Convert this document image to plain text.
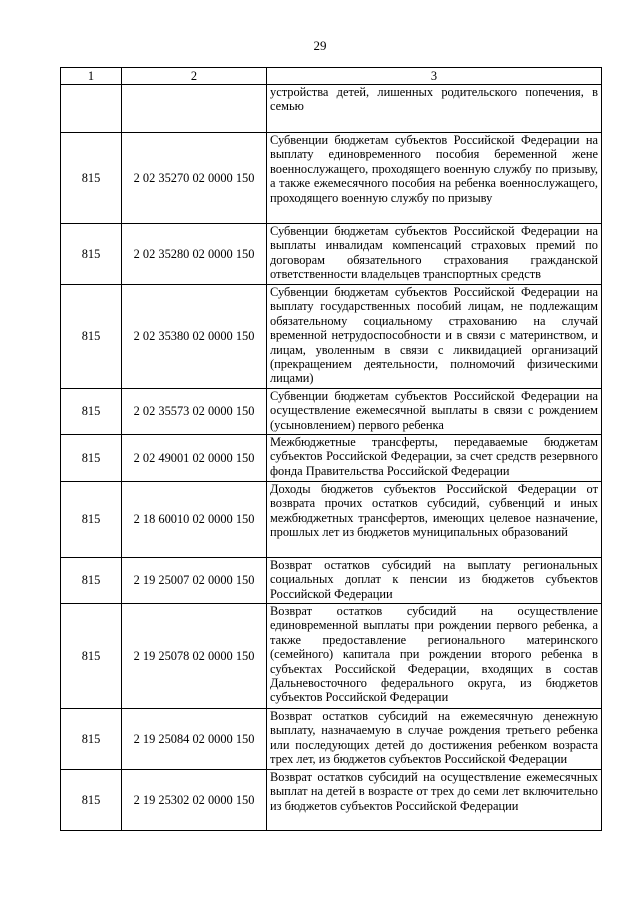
29
1	2	3
		устройства детей, лишенных родительского попечения, в семью
815	2 02 35270 02 0000 150	Субвенции бюджетам субъектов Российской Федерации на выплату единовременного пособия беременной жене военнослужащего, проходящего военную службу по призыву, а также ежемесячного пособия на ребенка военнослужащего, проходящего военную службу по призыву
815	2 02 35280 02 0000 150	Субвенции бюджетам субъектов Российской Федерации на выплаты инвалидам компенсаций страховых премий по договорам обязательного страхования гражданской ответственности владельцев транспортных средств
815	2 02 35380 02 0000 150	Субвенции бюджетам субъектов Российской Федерации на выплату государственных пособий лицам, не подлежащим обязательному социальному страхованию на случай временной нетрудоспособности и в связи с материнством, и лицам, уволенным в связи с ликвидацией организаций (прекращением деятельности, полномочий физическими лицами)
815	2 02 35573 02 0000 150	Субвенции бюджетам субъектов Российской Федерации на осуществление ежемесячной выплаты в связи с рождением (усыновлением) первого ребенка
815	2 02 49001 02 0000 150	Межбюджетные трансферты, передаваемые бюджетам субъектов Российской Федерации, за счет средств резервного фонда Правительства Российской Федерации
815	2 18 60010 02 0000 150	Доходы бюджетов субъектов Российской Федерации от возврата прочих остатков субсидий, субвенций и иных межбюджетных трансфертов, имеющих целевое назначение, прошлых лет из бюджетов муниципальных образований
815	2 19 25007 02 0000 150	Возврат остатков субсидий на выплату региональных социальных доплат к пенсии из бюджетов субъектов Российской Федерации
815	2 19 25078 02 0000 150	Возврат остатков субсидий на осуществление единовременной выплаты при рождении первого ребенка, а также предоставление регионального материнского (семейного) капитала при рождении второго ребенка в субъектах Российской Федерации, входящих в состав Дальневосточного федерального округа, из бюджетов субъектов Российской Федерации
815	2 19 25084 02 0000 150	Возврат остатков субсидий на ежемесячную денежную выплату, назначаемую в случае рождения третьего ребенка или последующих детей до достижения ребенком возраста трех лет, из бюджетов субъектов Российской Федерации
815	2 19 25302 02 0000 150	Возврат остатков субсидий на осуществление ежемесячных выплат на детей в возрасте от трех до семи лет включительно из бюджетов субъектов Российской Федерации
